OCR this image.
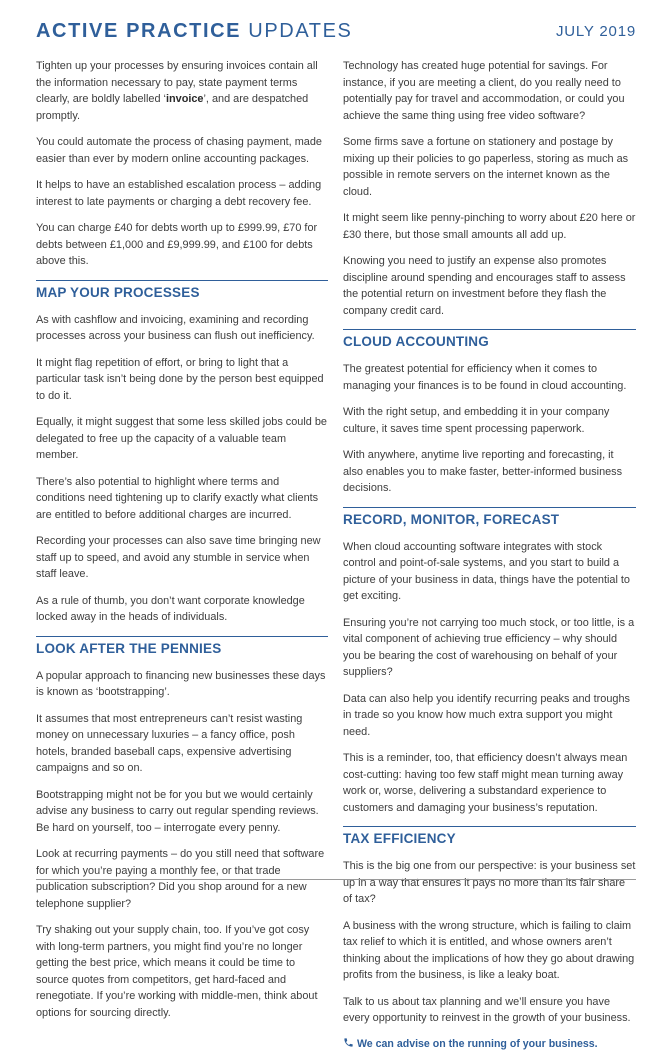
ACTIVE PRACTICE UPDATES	JULY 2019

Tighten up your processes by ensuring invoices contain all the information necessary to pay, state payment terms clearly, are boldly labelled ‘invoice’, and are despatched promptly.

You could automate the process of chasing payment, made easier than ever by modern online accounting packages.

It helps to have an established escalation process – adding interest to late payments or charging a debt recovery fee.

You can charge £40 for debts worth up to £999.99, £70 for debts between £1,000 and £9,999.99, and £100 for debts above this.

MAP YOUR PROCESSES

As with cashflow and invoicing, examining and recording processes across your business can flush out inefficiency.

It might flag repetition of effort, or bring to light that a particular task isn’t being done by the person best equipped to do it.

Equally, it might suggest that some less skilled jobs could be delegated to free up the capacity of a valuable team member.

There’s also potential to highlight where terms and conditions need tightening up to clarify exactly what clients are entitled to before additional charges are incurred.

Recording your processes can also save time bringing new staff up to speed, and avoid any stumble in service when staff leave.

As a rule of thumb, you don’t want corporate knowledge locked away in the heads of individuals.

LOOK AFTER THE PENNIES

A popular approach to financing new businesses these days is known as ‘bootstrapping’.

It assumes that most entrepreneurs can’t resist wasting money on unnecessary luxuries – a fancy office, posh hotels, branded baseball caps, expensive advertising campaigns and so on.

Bootstrapping might not be for you but we would certainly advise any business to carry out regular spending reviews. Be hard on yourself, too – interrogate every penny.

Look at recurring payments – do you still need that software for which you’re paying a monthly fee, or that trade publication subscription? Did you shop around for a new telephone supplier?

Try shaking out your supply chain, too. If you’ve got cosy with long-term partners, you might find you’re no longer getting the best price, which means it could be time to source quotes from competitors, get hard-faced and renegotiate. If you’re working with middle-men, think about options for sourcing directly.

Technology has created huge potential for savings. For instance, if you are meeting a client, do you really need to potentially pay for travel and accommodation, or could you achieve the same thing using free video software?

Some firms save a fortune on stationery and postage by mixing up their policies to go paperless, storing as much as possible in remote servers on the internet known as the cloud.

It might seem like penny-pinching to worry about £20 here or £30 there, but those small amounts all add up.

Knowing you need to justify an expense also promotes discipline around spending and encourages staff to assess the potential return on investment before they flash the company credit card.

CLOUD ACCOUNTING

The greatest potential for efficiency when it comes to managing your finances is to be found in cloud accounting.

With the right setup, and embedding it in your company culture, it saves time spent processing paperwork.

With anywhere, anytime live reporting and forecasting, it also enables you to make faster, better-informed business decisions.

RECORD, MONITOR, FORECAST

When cloud accounting software integrates with stock control and point-of-sale systems, and you start to build a picture of your business in data, things have the potential to get exciting.

Ensuring you’re not carrying too much stock, or too little, is a vital component of achieving true efficiency – why should you be bearing the cost of warehousing on behalf of your suppliers?

Data can also help you identify recurring peaks and troughs in trade so you know how much extra support you might need.

This is a reminder, too, that efficiency doesn’t always mean cost-cutting: having too few staff might mean turning away work or, worse, delivering a substandard experience to customers and damaging your business’s reputation.

TAX EFFICIENCY

This is the big one from our perspective: is your business set up in a way that ensures it pays no more than its fair share of tax?

A business with the wrong structure, which is failing to claim tax relief to which it is entitled, and whose owners aren’t thinking about the implications of how they go about drawing profits from the business, is like a leaky boat.

Talk to us about tax planning and we’ll ensure you have every opportunity to reinvest in the growth of your business.

We can advise on the running of your business.
